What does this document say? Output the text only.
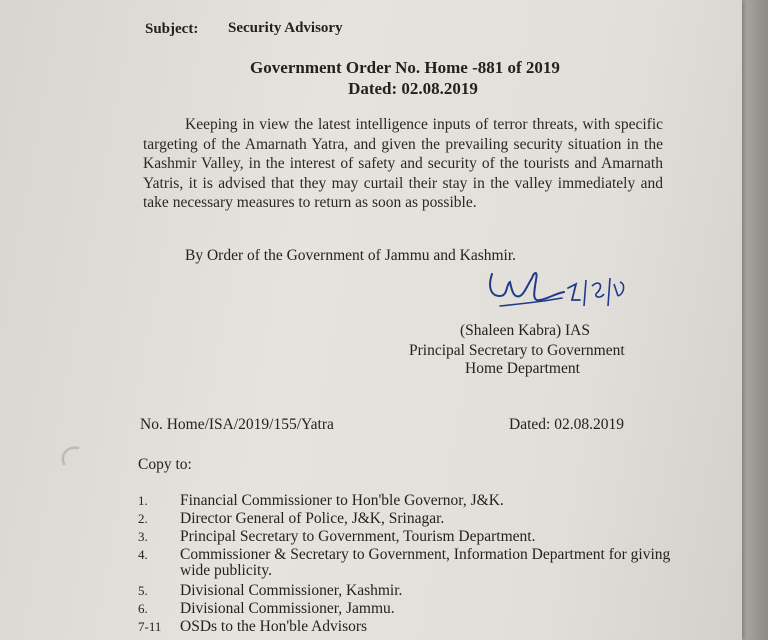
Subject: Security Advisory
Government Order No. Home -881 of 2019
Dated: 02.08.2019
Keeping in view the latest intelligence inputs of terror threats, with specific targeting of the Amarnath Yatra, and given the prevailing security situation in the Kashmir Valley, in the interest of safety and security of the tourists and Amarnath Yatris, it is advised that they may curtail their stay in the valley immediately and take necessary measures to return as soon as possible.
By Order of the Government of Jammu and Kashmir.
(Shaleen Kabra) IAS
Principal Secretary to Government
Home Department
No. Home/ISA/2019/155/Yatra	Dated: 02.08.2019
Copy to:
1.	Financial Commissioner to Hon'ble Governor, J&K.
2.	Director General of Police, J&K, Srinagar.
3.	Principal Secretary to Government, Tourism Department.
4.	Commissioner & Secretary to Government, Information Department for giving wide publicity.
5.	Divisional Commissioner, Kashmir.
6.	Divisional Commissioner, Jammu.
7-11	OSDs to the Hon'ble Advisors
